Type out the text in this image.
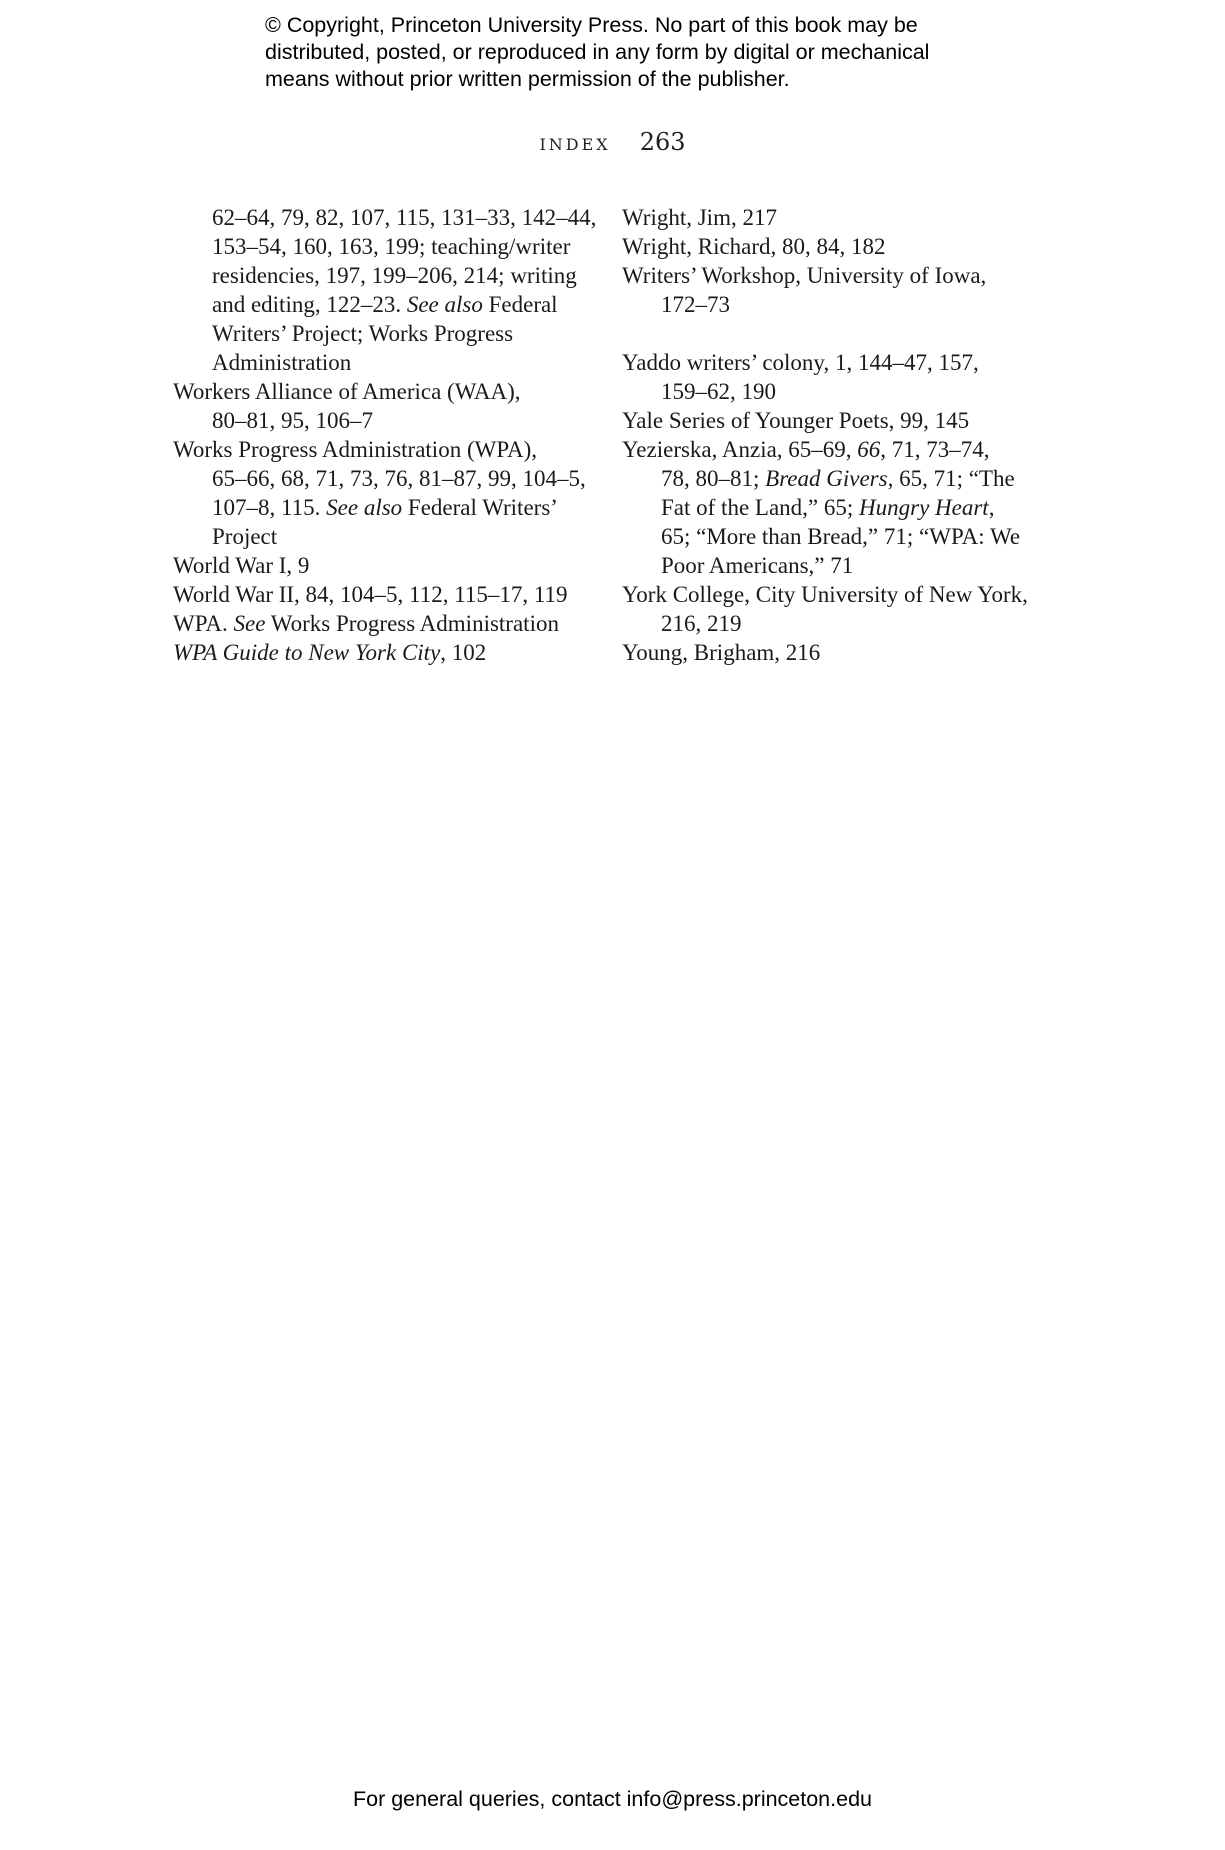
© Copyright, Princeton University Press. No part of this book may be
distributed, posted, or reproduced in any form by digital or mechanical
means without prior written permission of the publisher.
index 263
62–64, 79, 82, 107, 115, 131–33, 142–44,
153–54, 160, 163, 199; teaching/writer
residencies, 197, 199–206, 214; writing
and editing, 122–23. See also Federal
Writers’ Project; Works Progress
Administration
Workers Alliance of America (WAA),
80–81, 95, 106–7
Works Progress Administration (WPA),
65–66, 68, 71, 73, 76, 81–87, 99, 104–5,
107–8, 115. See also Federal Writers’
Project
World War I, 9
World War II, 84, 104–5, 112, 115–17, 119
WPA. See Works Progress Administration
WPA Guide to New York City, 102
Wright, Jim, 217
Wright, Richard, 80, 84, 182
Writers’ Workshop, University of Iowa,
172–73
Yaddo writers’ colony, 1, 144–47, 157,
159–62, 190
Yale Series of Younger Poets, 99, 145
Yezierska, Anzia, 65–69, 66, 71, 73–74,
78, 80–81; Bread Givers, 65, 71; “The
Fat of the Land,” 65; Hungry Heart,
65; “More than Bread,” 71; “WPA: We
Poor Americans,” 71
York College, City University of New York,
216, 219
Young, Brigham, 216
For general queries, contact info@press.princeton.edu
